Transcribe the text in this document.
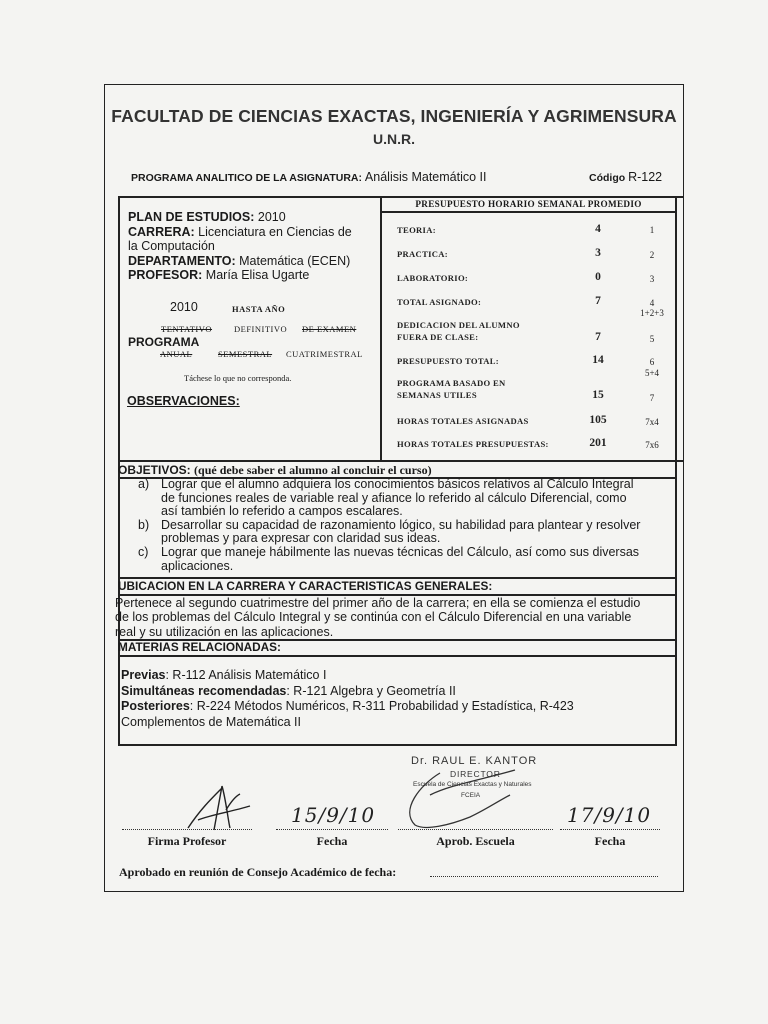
FACULTAD DE CIENCIAS EXACTAS, INGENIERÍA Y AGRIMENSURA
U.N.R.
PROGRAMA ANALITICO DE LA ASIGNATURA: Análisis Matemático II	Código R-122
PLAN DE ESTUDIOS: 2010
CARRERA: Licenciatura en Ciencias de
la Computación
DEPARTAMENTO: Matemática (ECEN)
PROFESOR: María Elisa Ugarte
2010	HASTA AÑO
TENTATIVO	DEFINITIVO DE EXAMEN
PROGRAMA
ANUAL	SEMESTRAL CUATRIMESTRAL
Táchese lo que no corresponda.
OBSERVACIONES:
PRESUPUESTO HORARIO SEMANAL PROMEDIO
TEORIA:	4	1
PRACTICA:	3	2
LABORATORIO:	0	3
TOTAL ASIGNADO:	7	4
1+2+3
DEDICACION DEL ALUMNO
FUERA DE CLASE:	7	5
PRESUPUESTO TOTAL:	14	6
5+4
PROGRAMA BASADO EN
SEMANAS UTILES	15	7
HORAS TOTALES ASIGNADAS	105	7x4
HORAS TOTALES PRESUPUESTAS:	201	7x6
OBJETIVOS: (qué debe saber el alumno al concluir el curso)
a) Lograr que el alumno adquiera los conocimientos básicos relativos al Cálculo Integral
de funciones reales de variable real y afiance lo referido al cálculo Diferencial, como
así también lo referido a campos escalares.
b) Desarrollar su capacidad de razonamiento lógico, su habilidad para plantear y resolver
problemas y para expresar con claridad sus ideas.
c)	Lograr que maneje hábilmente las nuevas técnicas del Cálculo, así como sus diversas
aplicaciones.
UBICACION EN LA CARRERA Y CARACTERISTICAS GENERALES:
Pertenece al segundo cuatrimestre del primer año de la carrera; en ella se comienza el estudio
de los problemas del Cálculo Integral y se continúa con el Cálculo Diferencial en una variable
real y su utilización en las aplicaciones.
MATERIAS RELACIONADAS:
Previas: R-112 Análisis Matemático I
Simultáneas recomendadas: R-121 Algebra y Geometría II
Posteriores: R-224 Métodos Numéricos, R-311 Probabilidad y Estadística, R-423
Complementos de Matemática II
Dr. RAUL E. KANTOR
DIRECTOR
Escuela de Ciencias Exactas y Naturales
FCEIA
15/9/10	17/9/10
Firma Profesor	Fecha	Aprob. Escuela	Fecha
Aprobado en reunión de Consejo Académico de fecha:
